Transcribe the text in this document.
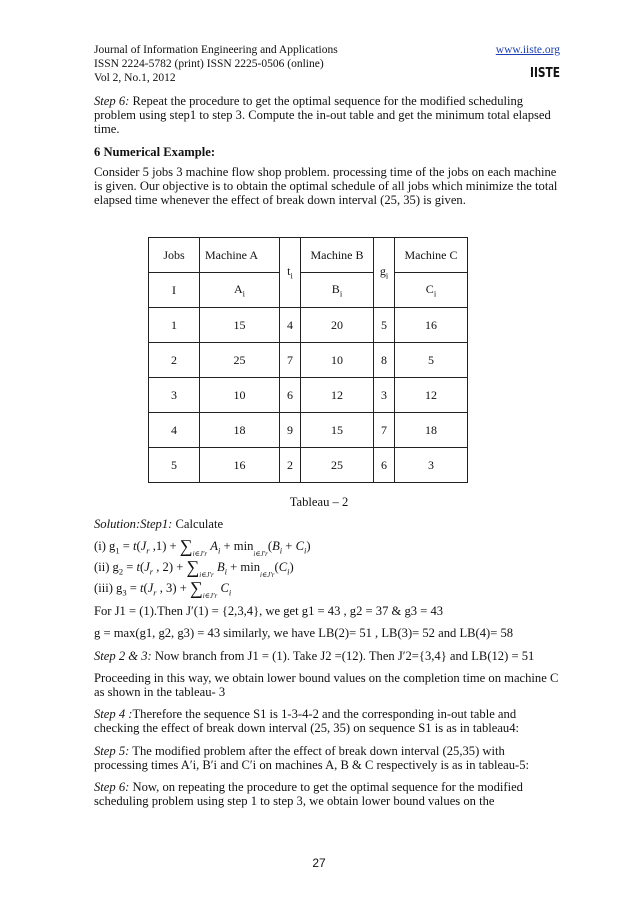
Journal of Information Engineering and Applications
ISSN 2224-5782 (print) ISSN 2225-0506 (online)
Vol 2, No.1, 2012
www.iiste.org
IISTE

Step 6: Repeat the procedure to get the optimal sequence for the modified scheduling problem using step1 to step 3. Compute the in-out table and get the minimum total elapsed time.

6 Numerical Example:

Consider 5 jobs 3 machine flow shop problem. processing time of the jobs on each machine is given. Our objective is to obtain the optimal schedule of all jobs which minimize the total elapsed time whenever the effect of break down interval (25, 35) is given.

Jobs	Machine A	$t_i$	Machine B	$g_i$	Machine C
I	$A_i$		$B_i$		$C_i$
1	15	4	20	5	16
2	25	7	10	8	5
3	10	6	12	3	12
4	18	9	15	7	18
5	16	2	25	6	3
Tableau – 2

Solution:Step1: Calculate

(i) $g_1 = t(J_r$ $,1) + \sum_{i\in J'r}$ $A_i + \min_{i\in J'r}(B_i + C_i)$
(ii) $g_2 = t(J_r$ , $2) + \sum_{i\in J'r}$ $B_i + \min_{i\in J'r}(C_i)$
(iii) $g_3 = t(J_r$ , $3) + \sum_{i\in J'r}$ $C_i$

For J1 = (1).Then J′(1) = {2,3,4}, we get g1 = 43 , g2 = 37 & g3 = 43

g = max(g1, g2, g3) = 43 similarly, we have LB(2)= 51 , LB(3)= 52 and LB(4)= 58

Step 2 & 3: Now branch from J1 = (1). Take J2 =(12). Then J′2={3,4} and LB(12) = 51

Proceeding in this way, we obtain lower bound values on the completion time on machine C as shown in the tableau- 3

Step 4 :Therefore the sequence S1 is 1-3-4-2 and the corresponding in-out table and checking the effect of break down interval (25, 35) on sequence S1 is as in tableau4:

Step 5: The modified problem after the effect of break down interval (25,35) with processing times A′i, B′i and C′i on machines A, B & C respectively is as in tableau-5:

Step 6: Now, on repeating the procedure to get the optimal sequence for the modified scheduling problem using step 1 to step 3, we obtain lower bound values on the

27
